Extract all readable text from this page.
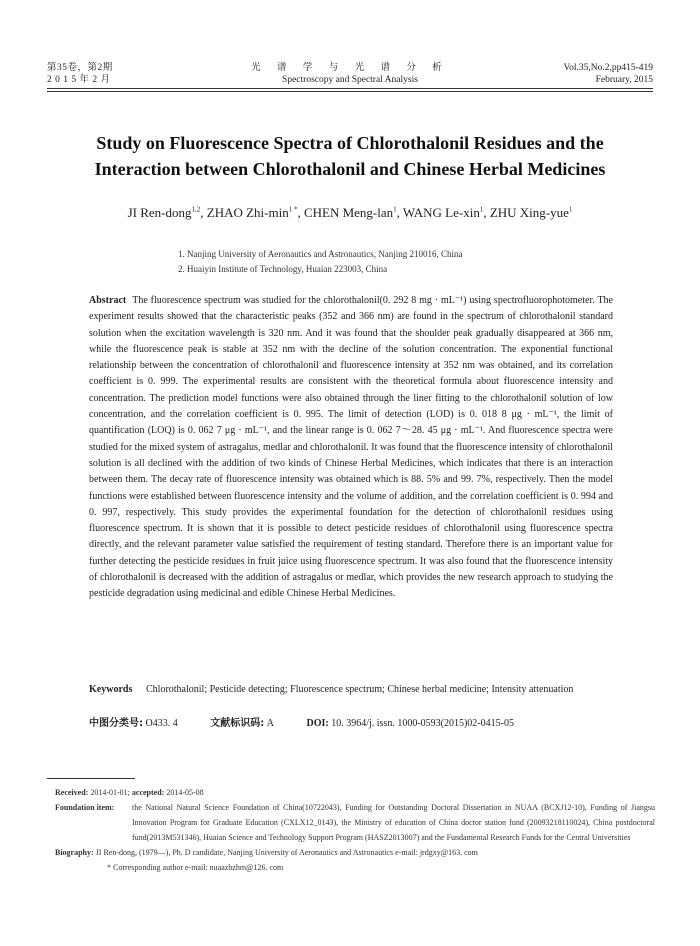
第35卷，第2期
2 0 1 5 年 2 月
光 谱 学 与 光 谱 分 析
Spectroscopy and Spectral Analysis
Vol.35,No.2,pp415-419
February, 2015
Study on Fluorescence Spectra of Chlorothalonil Residues and the
Interaction between Chlorothalonil and Chinese Herbal Medicines
JI Ren-dong$^{1,2}$, ZHAO Zhi-$\min^{1 *}$, CHEN Meng-lan$^1$, WANG Le-xin$^1$, ZHU Xing-yue$^1$
1. Nanjing University of Aeronautics and Astronautics, Nanjing 210016, China
2. Huaiyin Institute of Technology, Huaian 223003, China
Abstract The fluorescence spectrum was studied for the chlorothalonil(0. 292 8 mg · mL⁻¹) using spectrofluorophotometer. The experiment results showed that the characteristic peaks (352 and 366 nm) are found in the spectrum of chlorothalonil standard solution when the excitation wavelength is 320 nm. And it was found that the shoulder peak gradually disappeared at 366 nm, while the fluorescence peak is stable at 352 nm with the decline of the solution concentration. The exponential functional relationship between the concentration of chlorothalonil and fluorescence intensity at 352 nm was obtained, and its correlation coefficient is 0. 999. The experimental results are consistent with the theoretical formula about fluorescence intensity and concentration. The prediction model functions were also obtained through the liner fitting to the chlorothalonil solution of low concentration, and the correlation coefficient is 0. 995. The limit of detection (LOD) is 0. 018 8 μg · mL⁻¹, the limit of quantification (LOQ) is 0. 062 7 μg · mL⁻¹, and the linear range is 0. 062 7～28. 45 μg · mL⁻¹. And fluorescence spectra were studied for the mixed system of astragalus, medlar and chlorothalonil. It was found that the fluorescence intensity of chlorothalonil solution is all declined with the addition of two kinds of Chinese Herbal Medicines, which indicates that there is an interaction between them. The decay rate of fluorescence intensity was obtained which is 88. 5% and 99. 7%, respectively. Then the model functions were established between fluorescence intensity and the volume of addition, and the correlation coefficient is 0. 994 and 0. 997, respectively. This study provides the experimental foundation for the detection of chlorothalonil residues using fluorescence spectrum. It is shown that it is possible to detect pesticide residues of chlorothalonil using fluorescence spectra directly, and the relevant parameter value satisfied the requirement of testing standard. Therefore there is an important value for further detecting the pesticide residues in fruit juice using fluorescence spectrum. It was also found that the fluorescence intensity of chlorothalonil is decreased with the addition of astragalus or medlar, which provides the new research approach to studying the pesticide degradation using medicinal and edible Chinese Herbal Medicines.
Keywords Chlorothalonil; Pesticide detecting; Fluorescence spectrum; Chinese herbal medicine; Intensity attenuation
中图分类号: O433. 4	文献标识码: A	DOI: 10. 3964/j. issn. 1000-0593(2015)02-0415-05
Received: 2014-01-01; accepted: 2014-05-08
Foundation item: the National Natural Science Foundation of China(10722043), Funding for Outstanding Doctoral Dissertation in NUAA (BCXJ12-10), Funding of Jiangsu Innovation Program for Graduate Education (CXLX12_0143), the Ministry of education of China doctor station fund (20093218110024), China postdoctoral fund(2013M531346), Huaian Science and Technology Support Program (HASZ2013007) and the Fundamental Research Funds for the Central Universities
Biography: JI Ren-dong, (1979—), Ph. D candidate, Nanjing University of Aeronautics and Astronautics e-mail: jrdgxy@163. com
* Corresponding author e-mail: nuaazhzhm@126. com
